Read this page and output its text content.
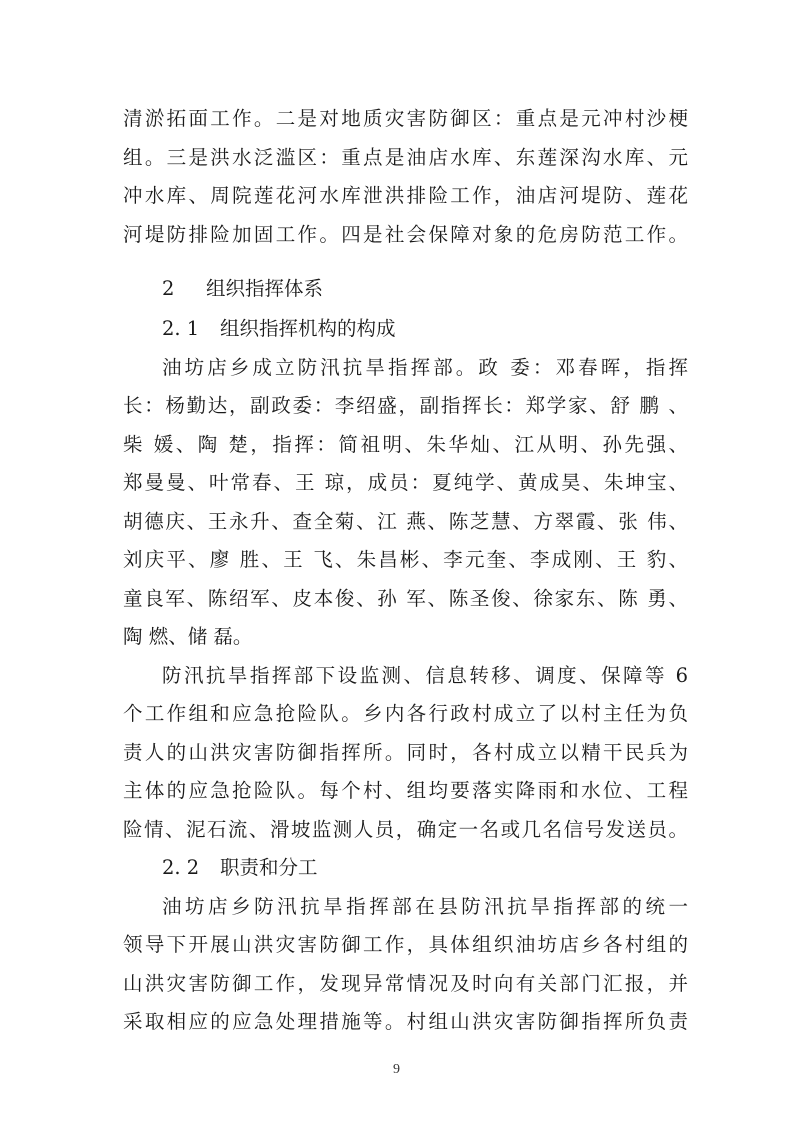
清淤拓面工作。二是对地质灾害防御区：重点是元冲村沙梗
组。三是洪水泛滥区：重点是油店水库、东莲深沟水库、元
冲水库、周院莲花河水库泄洪排险工作，油店河堤防、莲花
河堤防排险加固工作。四是社会保障对象的危房防范工作。
2 组织指挥体系
2. 1 组织指挥机构的构成
油坊店乡成立防汛抗旱指挥部。政 委：邓春晖，指挥
长：杨勤达，副政委：李绍盛，副指挥长：郑学家、舒 鹏 、
柴 媛、陶 楚，指挥：简祖明、朱华灿、江从明、孙先强、
郑曼曼、叶常春、王 琼，成员：夏纯学、黄成昊、朱坤宝、
胡德庆、王永升、查全菊、江 燕、陈芝慧、方翠霞、张 伟、
刘庆平、廖 胜、王 飞、朱昌彬、李元奎、李成刚、王 豹、
童良军、陈绍军、皮本俊、孙 军、陈圣俊、徐家东、陈 勇、
陶 燃、储 磊。
防汛抗旱指挥部下设监测、信息转移、调度、保障等 6
个工作组和应急抢险队。乡内各行政村成立了以村主任为负
责人的山洪灾害防御指挥所。同时，各村成立以精干民兵为
主体的应急抢险队。每个村、组均要落实降雨和水位、工程
险情、泥石流、滑坡监测人员，确定一名或几名信号发送员。
2. 2 职责和分工
油坊店乡防汛抗旱指挥部在县防汛抗旱指挥部的统一
领导下开展山洪灾害防御工作，具体组织油坊店乡各村组的
山洪灾害防御工作，发现异常情况及时向有关部门汇报，并
采取相应的应急处理措施等。村组山洪灾害防御指挥所负责
9
